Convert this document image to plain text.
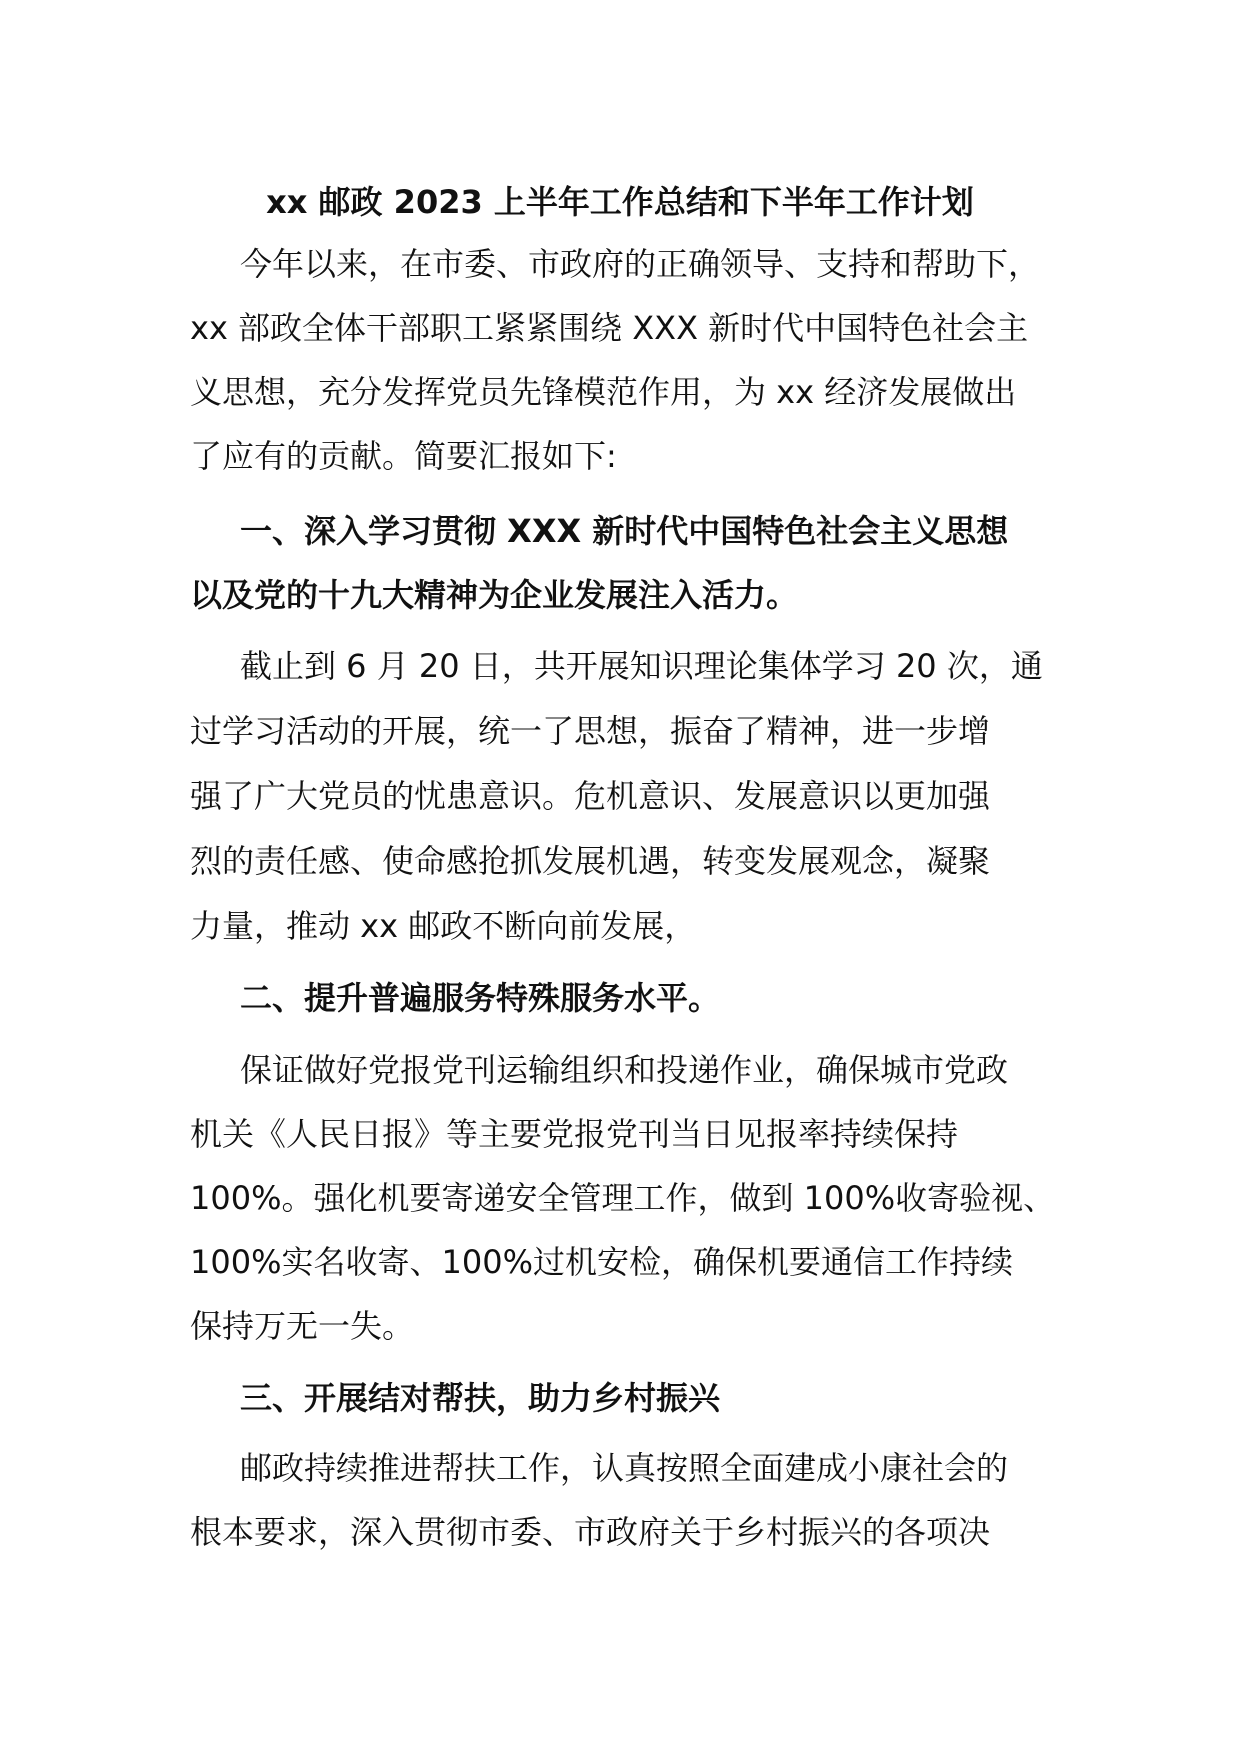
xx 邮政 2023 上半年工作总结和下半年工作计划
今年以来，在市委、市政府的正确领导、支持和帮助下，
xx 部政全体干部职工紧紧围绕 XXX 新时代中国特色社会主
义思想，充分发挥党员先锋模范作用，为 xx 经济发展做出
了应有的贡献。简要汇报如下:
一、深入学习贯彻 XXX 新时代中国特色社会主义思想
以及党的十九大精神为企业发展注入活力。
截止到 6 月 20 日，共开展知识理论集体学习 20 次，通
过学习活动的开展，统一了思想，振奋了精神，进一步增
强了广大党员的忧患意识。危机意识、发展意识以更加强
烈的责任感、使命感抢抓发展机遇，转变发展观念，凝聚
力量，推动 xx 邮政不断向前发展，
二、提升普遍服务特殊服务水平。
保证做好党报党刊运输组织和投递作业，确保城市党政
机关《人民日报》等主要党报党刊当日见报率持续保持
100%。强化机要寄递安全管理工作，做到 100%收寄验视、
100%实名收寄、100%过机安检，确保机要通信工作持续
保持万无一失。
三、开展结对帮扶，助力乡村振兴
邮政持续推进帮扶工作，认真按照全面建成小康社会的
根本要求，深入贯彻市委、市政府关于乡村振兴的各项决
